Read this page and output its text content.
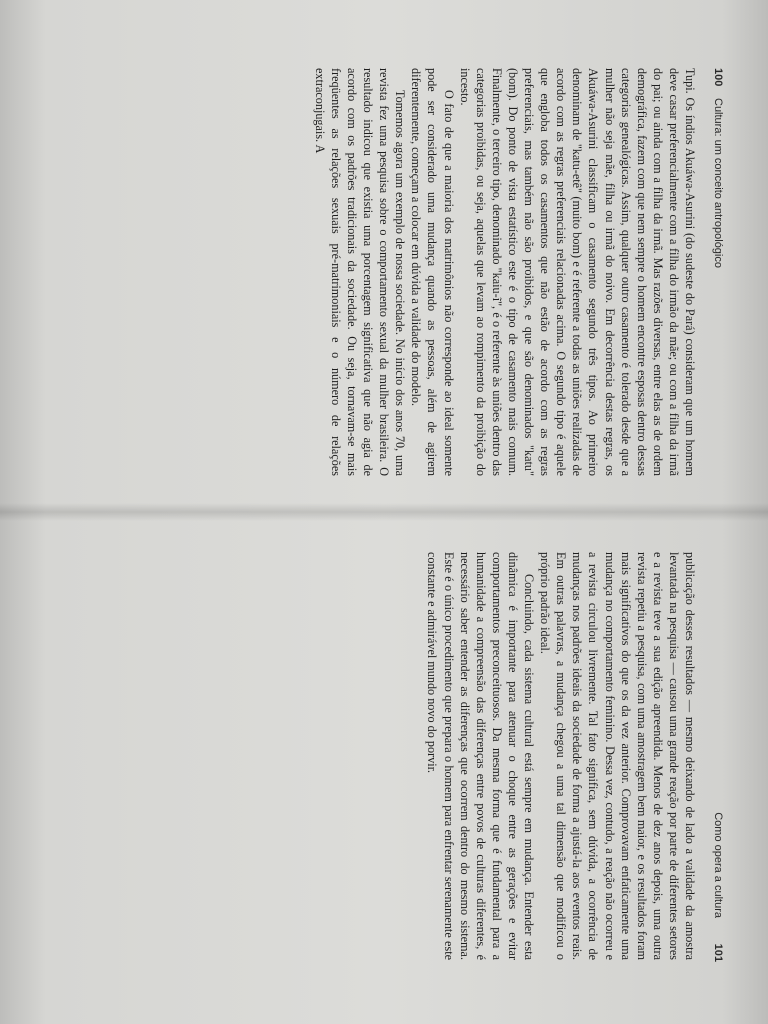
100
Cultura: um conceito antropológico

Tupi. Os índios Akuáwa-Asurini (do sudeste do Pará) consideram que um homem deve casar preferencialmente com a filha do irmão da mãe; ou com a filha da irmã do pai; ou ainda com a filha da irmã. Mas razões diversas, entre elas as de ordem demográfica, fazem com que nem sempre o homem encontre esposas dentro dessas categorias genealógicas. Assim, qualquer outro casamento é tolerado desde que a mulher não seja mãe, filha ou irmã do noivo. Em decorrência destas regras, os Akuáwa-Asurini classificam o casamento segundo três tipos. Ao primeiro denominam de "katu-etê" (muito bom) e é referente a todas as uniões realizadas de acordo com as regras preferenciais relacionadas acima. O segundo tipo é aquele que engloba todos os casamentos que não estão de acordo com as regras preferenciais, mas também não são proibidos, e que são denominados "katu" (bom). Do ponto de vista estatístico este é o tipo de casamento mais comum. Finalmente, o terceiro tipo, denominado "kaiu-ĩ", é o referente às uniões dentro das categorias proibidas, ou seja, aquelas que levam ao rompimento da proibição do incesto.

O fato de que a maioria dos matrimônios não corresponde ao ideal somente pode ser considerado uma mudança quando as pessoas, além de agirem diferentemente, começam a colocar em dúvida a validade do modelo.

Tomemos agora um exemplo de nossa sociedade. No início dos anos 70, uma revista fez uma pesquisa sobre o comportamento sexual da mulher brasileira. O resultado indicou que existia uma porcentagem significativa que não agia de acordo com os padrões tradicionais da sociedade. Ou seja, tornavam-se mais freqüentes as relações sexuais pré-matrimoniais e o número de relações extraconjugais. A

Como opera a cultura
101

publicação desses resultados — mesmo deixando de lado a validade da amostra levantada na pesquisa — causou uma grande reação por parte de diferentes setores e a revista teve a sua edição apreendida. Menos de dez anos depois, uma outra revista repetiu a pesquisa, com uma amostragem bem maior, e os resultados foram mais significativos do que os da vez anterior. Comprovavam enfaticamente uma mudança no comportamento feminino. Dessa vez, contudo, a reação não ocorreu e a revista circulou livremente. Tal fato significa, sem dúvida, a ocorrência de mudanças nos padrões ideais da sociedade de forma a ajustá-la aos eventos reais. Em outras palavras, a mudança chegou a uma tal dimensão que modificou o próprio padrão ideal.

Concluindo, cada sistema cultural está sempre em mudança. Entender esta dinâmica é importante para atenuar o choque entre as gerações e evitar comportamentos preconceituosos. Da mesma forma que é fundamental para a humanidade a compreensão das diferenças entre povos de culturas diferentes, é necessário saber entender as diferenças que ocorrem dentro do mesmo sistema. Este é o único procedimento que prepara o homem para enfrentar serenamente este constante e admirável mundo novo do porvir.
